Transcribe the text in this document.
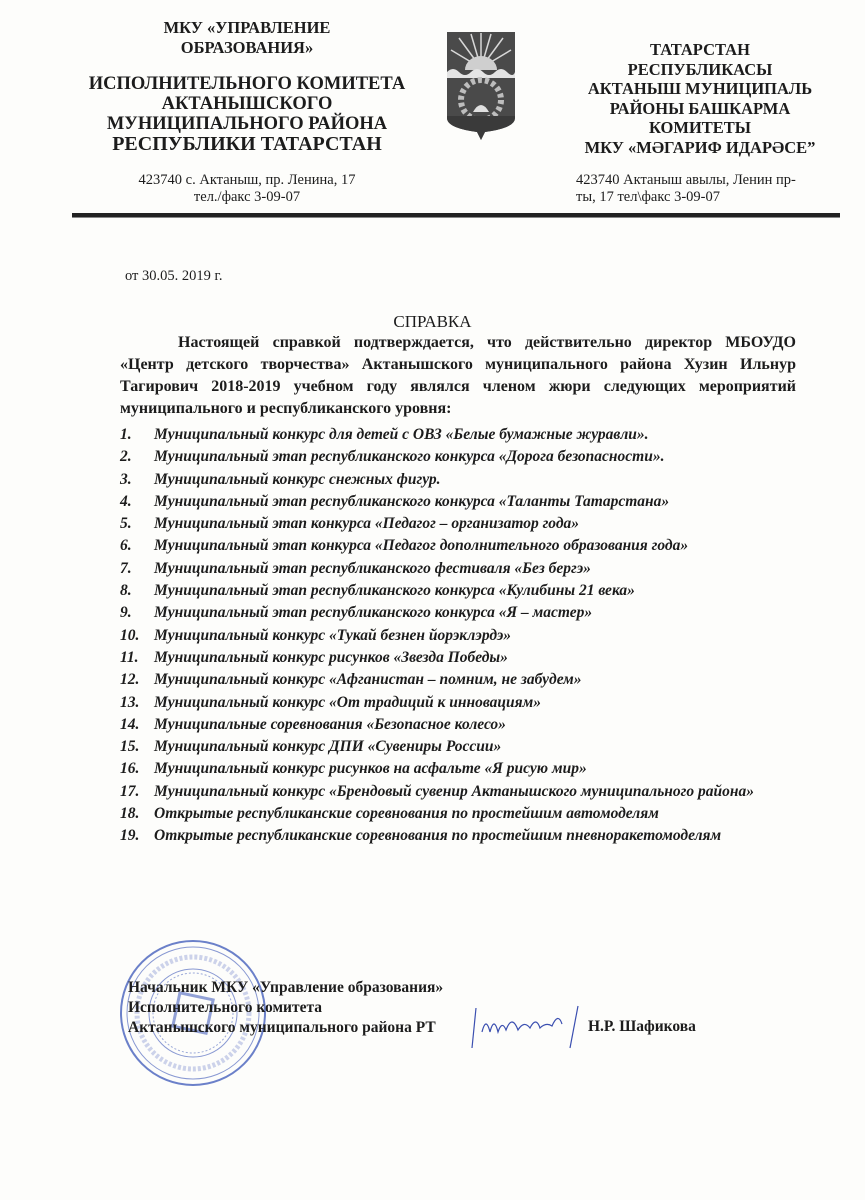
МКУ «УПРАВЛЕНИЕ
ОБРАЗОВАНИЯ»
ИСПОЛНИТЕЛЬНОГО КОМИТЕТА
АКТАНЫШСКОГО
МУНИЦИПАЛЬНОГО РАЙОНА
РЕСПУБЛИКИ ТАТАРСТАН
423740 с. Актаныш, пр. Ленина, 17
тел./факс 3-09-07
ТАТАРСТАН
РЕСПУБЛИКАСЫ
АКТАНЫШ МУНИЦИПАЛЬ
РАЙОНЫ БАШКАРМА
КОМИТЕТЫ
МКУ «МӘГАРИФ ИДАРӘСЕ”
423740 Актаныш авылы, Ленин пр-
ты, 17 тел\факс 3-09-07
от 30.05. 2019 г.
СПРАВКА
Настоящей справкой подтверждается, что действительно директор МБОУДО «Центр детского творчества» Актанышского муниципального района Хузин Ильнур Тагирович 2018-2019 учебном году являлся членом жюри следующих мероприятий муниципального и республиканского уровня:
1.	Муниципальный конкурс для детей с ОВЗ «Белые бумажные журавли».
2.	Муниципальный этап республиканского конкурса «Дорога безопасности».
3.	Муниципальный конкурс снежных фигур.
4.	Муниципальный этап республиканского конкурса «Таланты Татарстана»
5.	Муниципальный этап конкурса «Педагог – организатор года»
6.	Муниципальный этап конкурса «Педагог дополнительного образования года»
7.	Муниципальный этап республиканского фестиваля «Без бергэ»
8.	Муниципальный этап республиканского конкурса «Кулибины 21 века»
9.	Муниципальный этап республиканского конкурса «Я – мастер»
10. Муниципальный конкурс «Тукай безнен йорэклэрдэ»
11. Муниципальный конкурс рисунков «Звезда Победы»
12. Муниципальный конкурс «Афганистан – помним, не забудем»
13. Муниципальный конкурс «От традиций к инновациям»
14. Муниципальные соревнования «Безопасное колесо»
15. Муниципальный конкурс ДПИ «Сувениры России»
16. Муниципальный конкурс рисунков на асфальте «Я рисую мир»
17. Муниципальный конкурс «Брендовый сувенир Актанышского муниципального района»
18. Открытые республиканские соревнования по простейшим автомоделям
19. Открытые республиканские соревнования по простейшим пневноракетомоделям
Начальник МКУ «Управление образования»
Исполнительного комитета
Актанышского муниципального района РТ	Н.Р. Шафикова
